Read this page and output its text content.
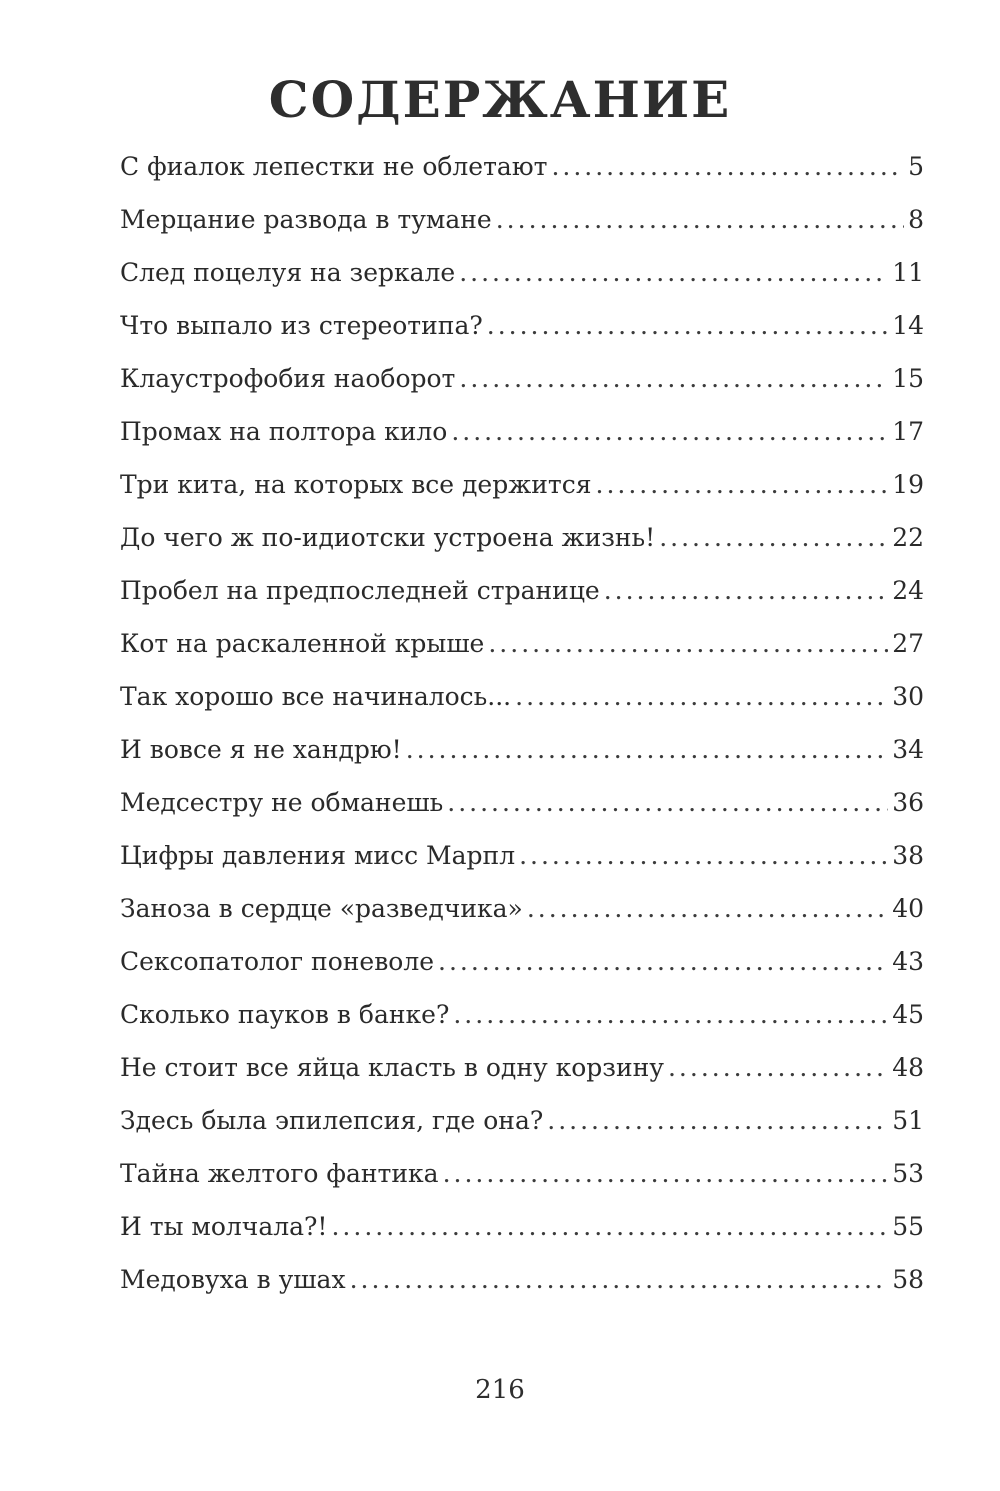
СОДЕРЖАНИЕ
С фиалок лепестки не облетают .....	5
Мерцание развода в тумане .....	8
След поцелуя на зеркале .....	11
Что выпало из стереотипа? .....	14
Клаустрофобия наоборот .....	15
Промах на полтора кило .....	17
Три кита, на которых все держится .....	19
До чего ж по-идиотски устроена жизнь! .....	22
Пробел на предпоследней странице .....	24
Кот на раскаленной крыше .....	27
Так хорошо все начиналось... .....	30
И вовсе я не хандрю! .....	34
Медсестру не обманешь .....	36
Цифры давления мисс Марпл .....	38
Заноза в сердце «разведчика» .....	40
Сексопатолог поневоле .....	43
Сколько пауков в банке? .....	45
Не стоит все яйца класть в одну корзину .....	48
Здесь была эпилепсия, где она? .....	51
Тайна желтого фантика .....	53
И ты молчала?! .....	55
Медовуха в ушах .....	58
216
